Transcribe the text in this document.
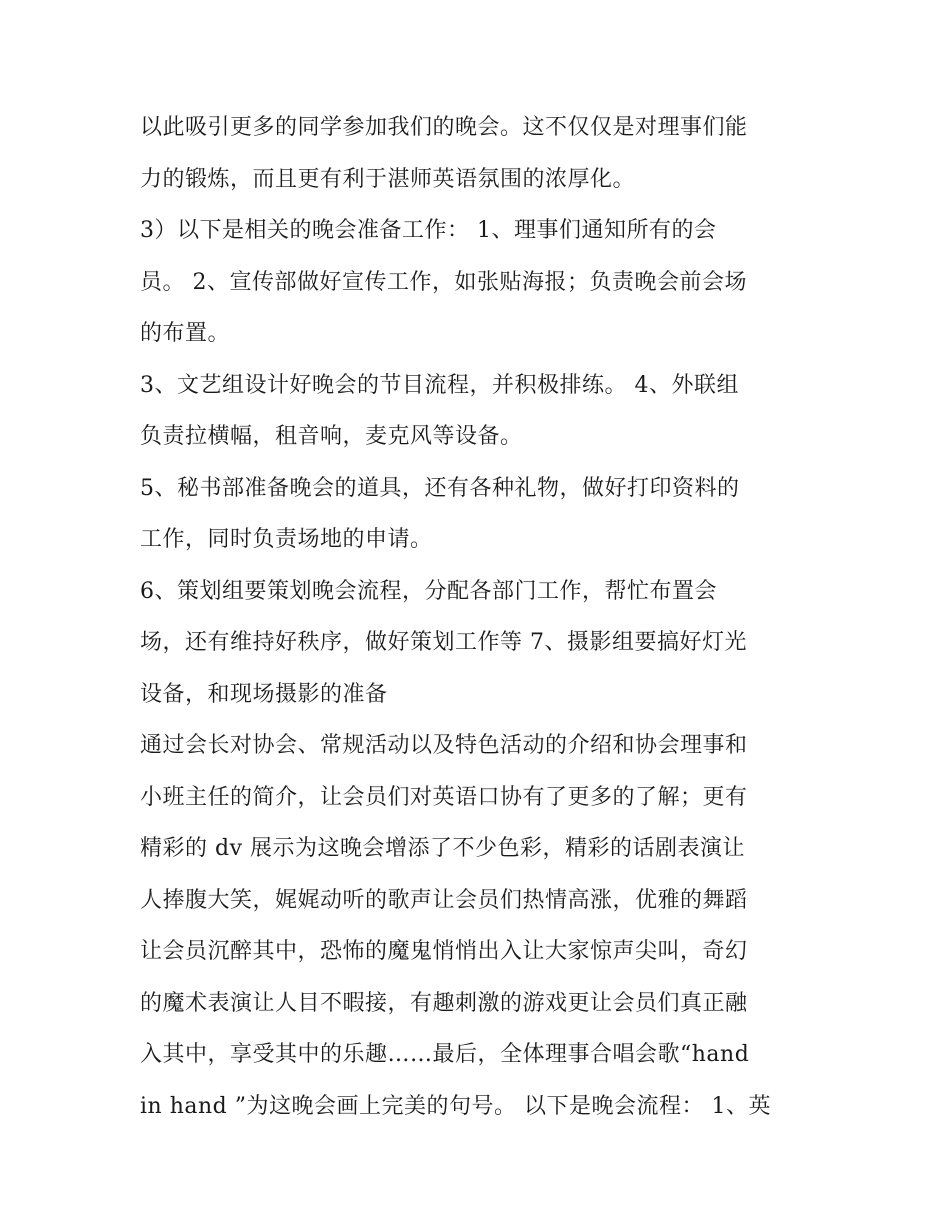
以此吸引更多的同学参加我们的晚会。这不仅仅是对理事们能
力的锻炼，而且更有利于湛师英语氛围的浓厚化。
3）以下是相关的晚会准备工作： 1、理事们通知所有的会
员。 2、宣传部做好宣传工作，如张贴海报；负责晚会前会场
的布置。
3、文艺组设计好晚会的节目流程，并积极排练。 4、外联组
负责拉横幅，租音响，麦克风等设备。
5、秘书部准备晚会的道具，还有各种礼物，做好打印资料的
工作，同时负责场地的申请。
6、策划组要策划晚会流程，分配各部门工作，帮忙布置会
场，还有维持好秩序，做好策划工作等 7、摄影组要搞好灯光
设备，和现场摄影的准备
通过会长对协会、常规活动以及特色活动的介绍和协会理事和
小班主任的简介，让会员们对英语口协有了更多的了解；更有
精彩的 dv 展示为这晚会增添了不少色彩，精彩的话剧表演让
人捧腹大笑，娓娓动听的歌声让会员们热情高涨，优雅的舞蹈
让会员沉醉其中，恐怖的魔鬼悄悄出入让大家惊声尖叫，奇幻
的魔术表演让人目不暇接，有趣刺激的游戏更让会员们真正融
入其中，享受其中的乐趣……最后，全体理事合唱会歌“hand
in hand ”为这晚会画上完美的句号。 以下是晚会流程： 1、英
